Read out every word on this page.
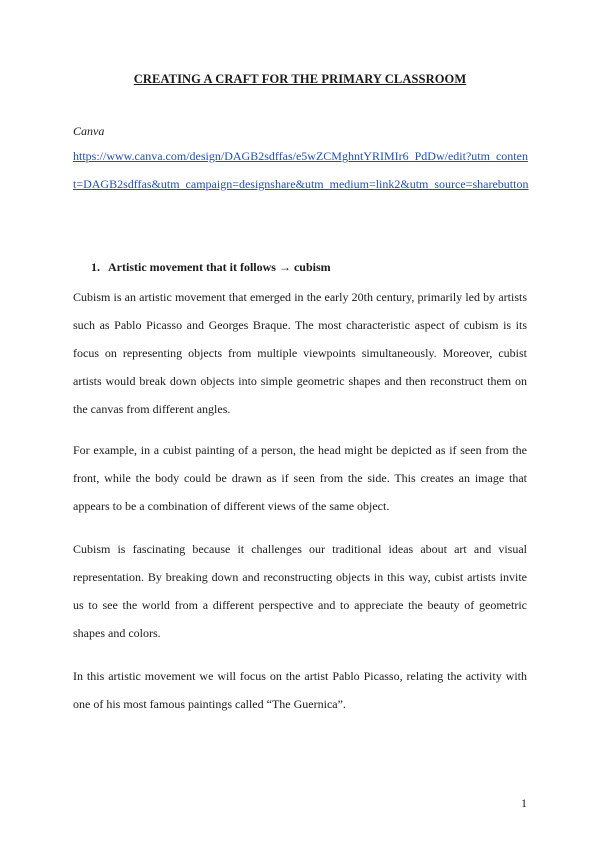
CREATING A CRAFT FOR THE PRIMARY CLASSROOM
Canva
https://www.canva.com/design/DAGB2sdffas/e5wZCMghntYRIMIr6_PdDw/edit?utm_content=DAGB2sdffas&utm_campaign=designshare&utm_medium=link2&utm_source=sharebutton
1. Artistic movement that it follows → cubism

Cubism is an artistic movement that emerged in the early 20th century, primarily led by artists such as Pablo Picasso and Georges Braque. The most characteristic aspect of cubism is its focus on representing objects from multiple viewpoints simultaneously. Moreover, cubist artists would break down objects into simple geometric shapes and then reconstruct them on the canvas from different angles.

For example, in a cubist painting of a person, the head might be depicted as if seen from the front, while the body could be drawn as if seen from the side. This creates an image that appears to be a combination of different views of the same object.

Cubism is fascinating because it challenges our traditional ideas about art and visual representation. By breaking down and reconstructing objects in this way, cubist artists invite us to see the world from a different perspective and to appreciate the beauty of geometric shapes and colors.

In this artistic movement we will focus on the artist Pablo Picasso, relating the activity with one of his most famous paintings called “The Guernica”.

1
